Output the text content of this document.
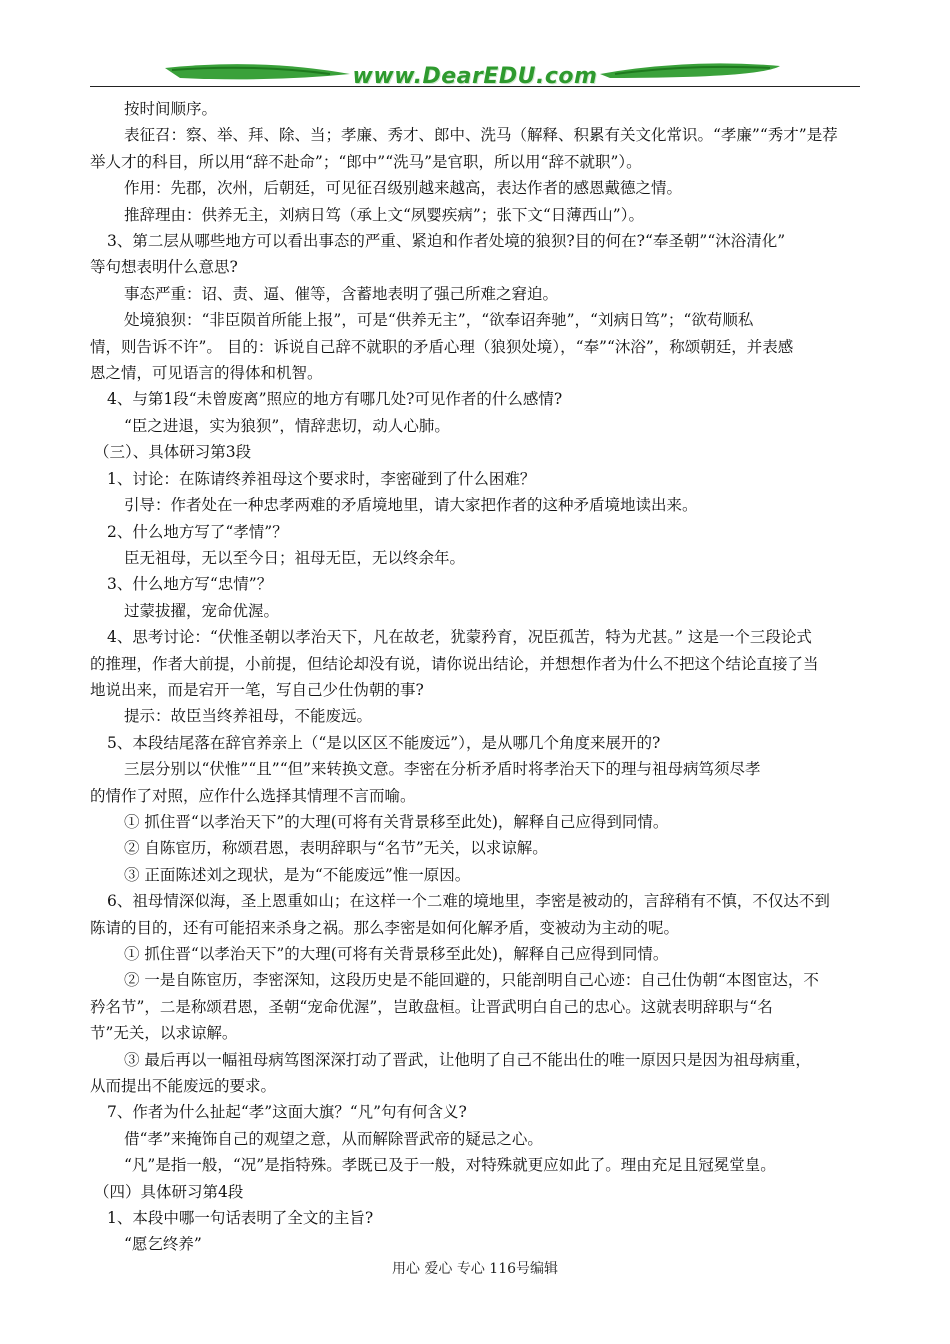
www.DearEDU.com

按时间顺序。

表征召：察、举、拜、除、当；孝廉、秀才、郎中、洗马（解释、积累有关文化常识。“孝廉”“秀才”是荐

举人才的科目，所以用“辞不赴命”；“郎中”“洗马”是官职，所以用“辞不就职”）。

作用：先郡，次州，后朝廷，可见征召级别越来越高，表达作者的感恩戴德之情。

推辞理由：供养无主，刘病日笃（承上文“夙婴疾病”；张下文“日薄西山”）。

3、第二层从哪些地方可以看出事态的严重、紧迫和作者处境的狼狈?目的何在?“奉圣朝”“沐浴清化”

等句想表明什么意思?

事态严重：诏、责、逼、催等，含蓄地表明了强己所难之窘迫。

处境狼狈：“非臣陨首所能上报”，可是“供养无主”，“欲奉诏奔驰”，“刘病日笃”；“欲苟顺私

情，则告诉不许”。 目的：诉说自己辞不就职的矛盾心理（狼狈处境），“奉”“沐浴”，称颂朝廷，并表感

恩之情，可见语言的得体和机智。

4、与第1段“未曾废离”照应的地方有哪几处?可见作者的什么感情?

“臣之进退，实为狼狈”，情辞悲切，动人心肺。

（三）、具体研习第3段

1、讨论：在陈请终养祖母这个要求时，李密碰到了什么困难？

引导：作者处在一种忠孝两难的矛盾境地里，请大家把作者的这种矛盾境地读出来。

2、什么地方写了“孝情”？

臣无祖母，无以至今日；祖母无臣，无以终余年。

3、什么地方写“忠情”？

过蒙拔擢，宠命优渥。

4、思考讨论：“伏惟圣朝以孝治天下，凡在故老，犹蒙矜育，况臣孤苦，特为尤甚。” 这是一个三段论式

的推理，作者大前提，小前提，但结论却没有说，请你说出结论，并想想作者为什么不把这个结论直接了当

地说出来，而是宕开一笔，写自己少仕伪朝的事?

提示：故臣当终养祖母，不能废远。

5、本段结尾落在辞官养亲上（“是以区区不能废远”），是从哪几个角度来展开的?

三层分别以“伏惟”“且”“但”来转换文意。李密在分析矛盾时将孝治天下的理与祖母病笃须尽孝

的情作了对照，应作什么选择其情理不言而喻。

① 抓住晋“以孝治天下”的大理(可将有关背景移至此处)，解释自己应得到同情。

② 自陈宦历，称颂君恩，表明辞职与“名节”无关，以求谅解。

③ 正面陈述刘之现状，是为“不能废远”惟一原因。

6、祖母情深似海，圣上恩重如山；在这样一个二难的境地里，李密是被动的，言辞稍有不慎，不仅达不到

陈请的目的，还有可能招来杀身之祸。那么李密是如何化解矛盾，变被动为主动的呢。

① 抓住晋“以孝治天下”的大理(可将有关背景移至此处)，解释自己应得到同情。

② 一是自陈宦历，李密深知，这段历史是不能回避的，只能剖明自己心迹：自己仕伪朝“本图宦达，不

矜名节”，二是称颂君恩，圣朝“宠命优渥”，岂敢盘桓。让晋武明白自己的忠心。这就表明辞职与“名

节”无关，以求谅解。

③ 最后再以一幅祖母病笃图深深打动了晋武，让他明了自己不能出仕的唯一原因只是因为祖母病重，

从而提出不能废远的要求。

7、作者为什么扯起“孝”这面大旗？“凡”句有何含义?

借“孝”来掩饰自己的观望之意，从而解除晋武帝的疑忌之心。

“凡”是指一般，“况”是指特殊。孝既已及于一般，对特殊就更应如此了。理由充足且冠冕堂皇。

（四）具体研习第4段

1、本段中哪一句话表明了全文的主旨?

“愿乞终养”

用心 爱心 专心 116号编辑
